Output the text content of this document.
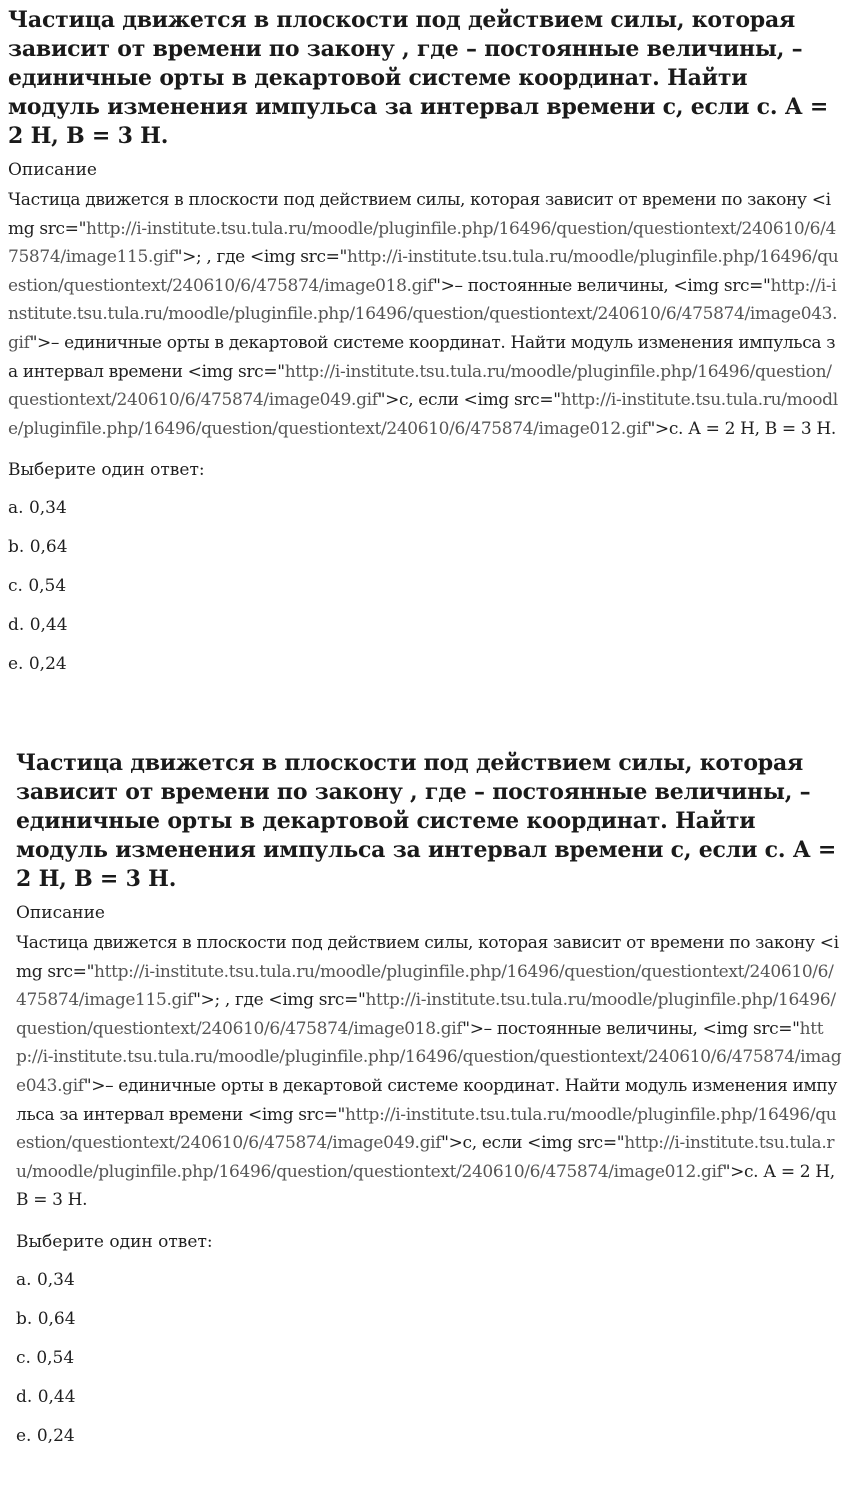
Частица движется в плоскости под действием силы, которая зависит от времени по закону , где – постоянные величины, – единичные орты в декартовой системе координат. Найти модуль изменения импульса за интервал времени с, если с. А = 2 Н, В = 3 Н.
Описание

Частица движется в плоскости под действием силы, которая зависит от времени по закону <img src="http://i-institute.tsu.tula.ru/moodle/pluginfile.php/16496/question/questiontext/240610/6/475874/image115.gif">; , где <img src="http://i-institute.tsu.tula.ru/moodle/pluginfile.php/16496/question/questiontext/240610/6/475874/image018.gif">– постоянные величины, <img src="http://i-institute.tsu.tula.ru/moodle/pluginfile.php/16496/question/questiontext/240610/6/475874/image043.gif">– единичные орты в декартовой системе координат. Найти модуль изменения импульса за интервал времени <img src="http://i-institute.tsu.tula.ru/moodle/pluginfile.php/16496/question/questiontext/240610/6/475874/image049.gif">с, если <img src="http://i-institute.tsu.tula.ru/moodle/pluginfile.php/16496/question/questiontext/240610/6/475874/image012.gif">с. А = 2 Н, В = 3 Н.

Выберите один ответ:
a. 0,34
b. 0,64
c. 0,54
d. 0,44
e. 0,24
Частица движется в плоскости под действием силы, которая зависит от времени по закону , где – постоянные величины, – единичные орты в декартовой системе координат. Найти модуль изменения импульса за интервал времени с, если с. А = 2 Н, В = 3 Н.
Описание

Частица движется в плоскости под действием силы, которая зависит от времени по закону <img src="http://i-institute.tsu.tula.ru/moodle/pluginfile.php/16496/question/questiontext/240610/6/475874/image115.gif">; , где <img src="http://i-institute.tsu.tula.ru/moodle/pluginfile.php/16496/question/questiontext/240610/6/475874/image018.gif">– постоянные величины, <img src="http://i-institute.tsu.tula.ru/moodle/pluginfile.php/16496/question/questiontext/240610/6/475874/image043.gif">– единичные орты в декартовой системе координат. Найти модуль изменения импульса за интервал времени <img src="http://i-institute.tsu.tula.ru/moodle/pluginfile.php/16496/question/questiontext/240610/6/475874/image049.gif">с, если <img src="http://i-institute.tsu.tula.ru/moodle/pluginfile.php/16496/question/questiontext/240610/6/475874/image012.gif">с. А = 2 Н, В = 3 Н.

Выберите один ответ:
a. 0,34
b. 0,64
c. 0,54
d. 0,44
e. 0,24
